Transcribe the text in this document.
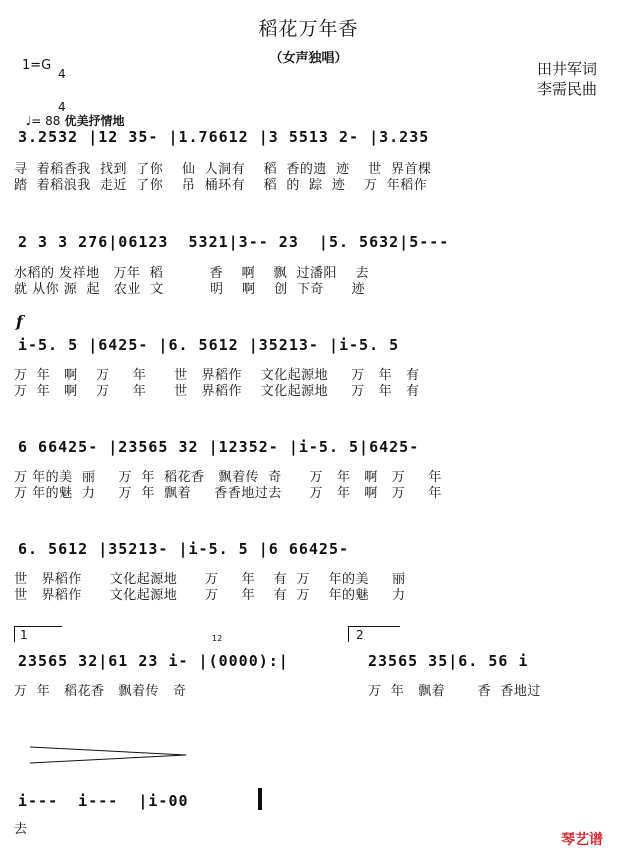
稻花万年香
（女声独唱）
田井军词
李需民曲
1=G

4

4

♩= 88 优美抒情地

3.2532 |12 35- |1.76612 |3 5513 2- |3.235
寻  着稻香我  找到  了你    仙  人洞有    稻  香的遗  迹    世  界首棵
踏  着稻浪我  走近  了你    吊  桶环有    稻  的  踪  迹    万  年稻作
2 3 3 276|06123  5321|3-- 23  |5. 5632|5---
水稻的 发祥地   万年  稻          香    啊    飘  过潘阳    去
就 从你 源  起   农业  文          明    啊    创  下奇      迹
f
i-5. 5 |6425- |6. 5612 |35213- |i-5. 5
万  年   啊    万     年      世   界稻作    文化起源地     万   年   有
万  年   啊    万     年      世   界稻作    文化起源地     万   年   有
6 66425- |23565 32 |12352- |i-5. 5|6425-
万 年的美  丽     万  年  稻花香   飘着传  奇      万   年   啊   万     年
万 年的魅  力     万  年  飘着     香香地过去      万   年   啊   万     年
6. 5612 |35213- |i-5. 5 |6 66425-
世   界稻作      文化起源地      万     年    有  万    年的美     丽
世   界稻作      文化起源地      万     年    有  万    年的魅     力
1	2
12
23565 32|61 23 i- |(0000):|	23565 35|6. 56 i
万  年   稻花香   飘着传   奇	万  年   飘着       香  香地过
i---  i---  |i-00
去
琴艺谱
